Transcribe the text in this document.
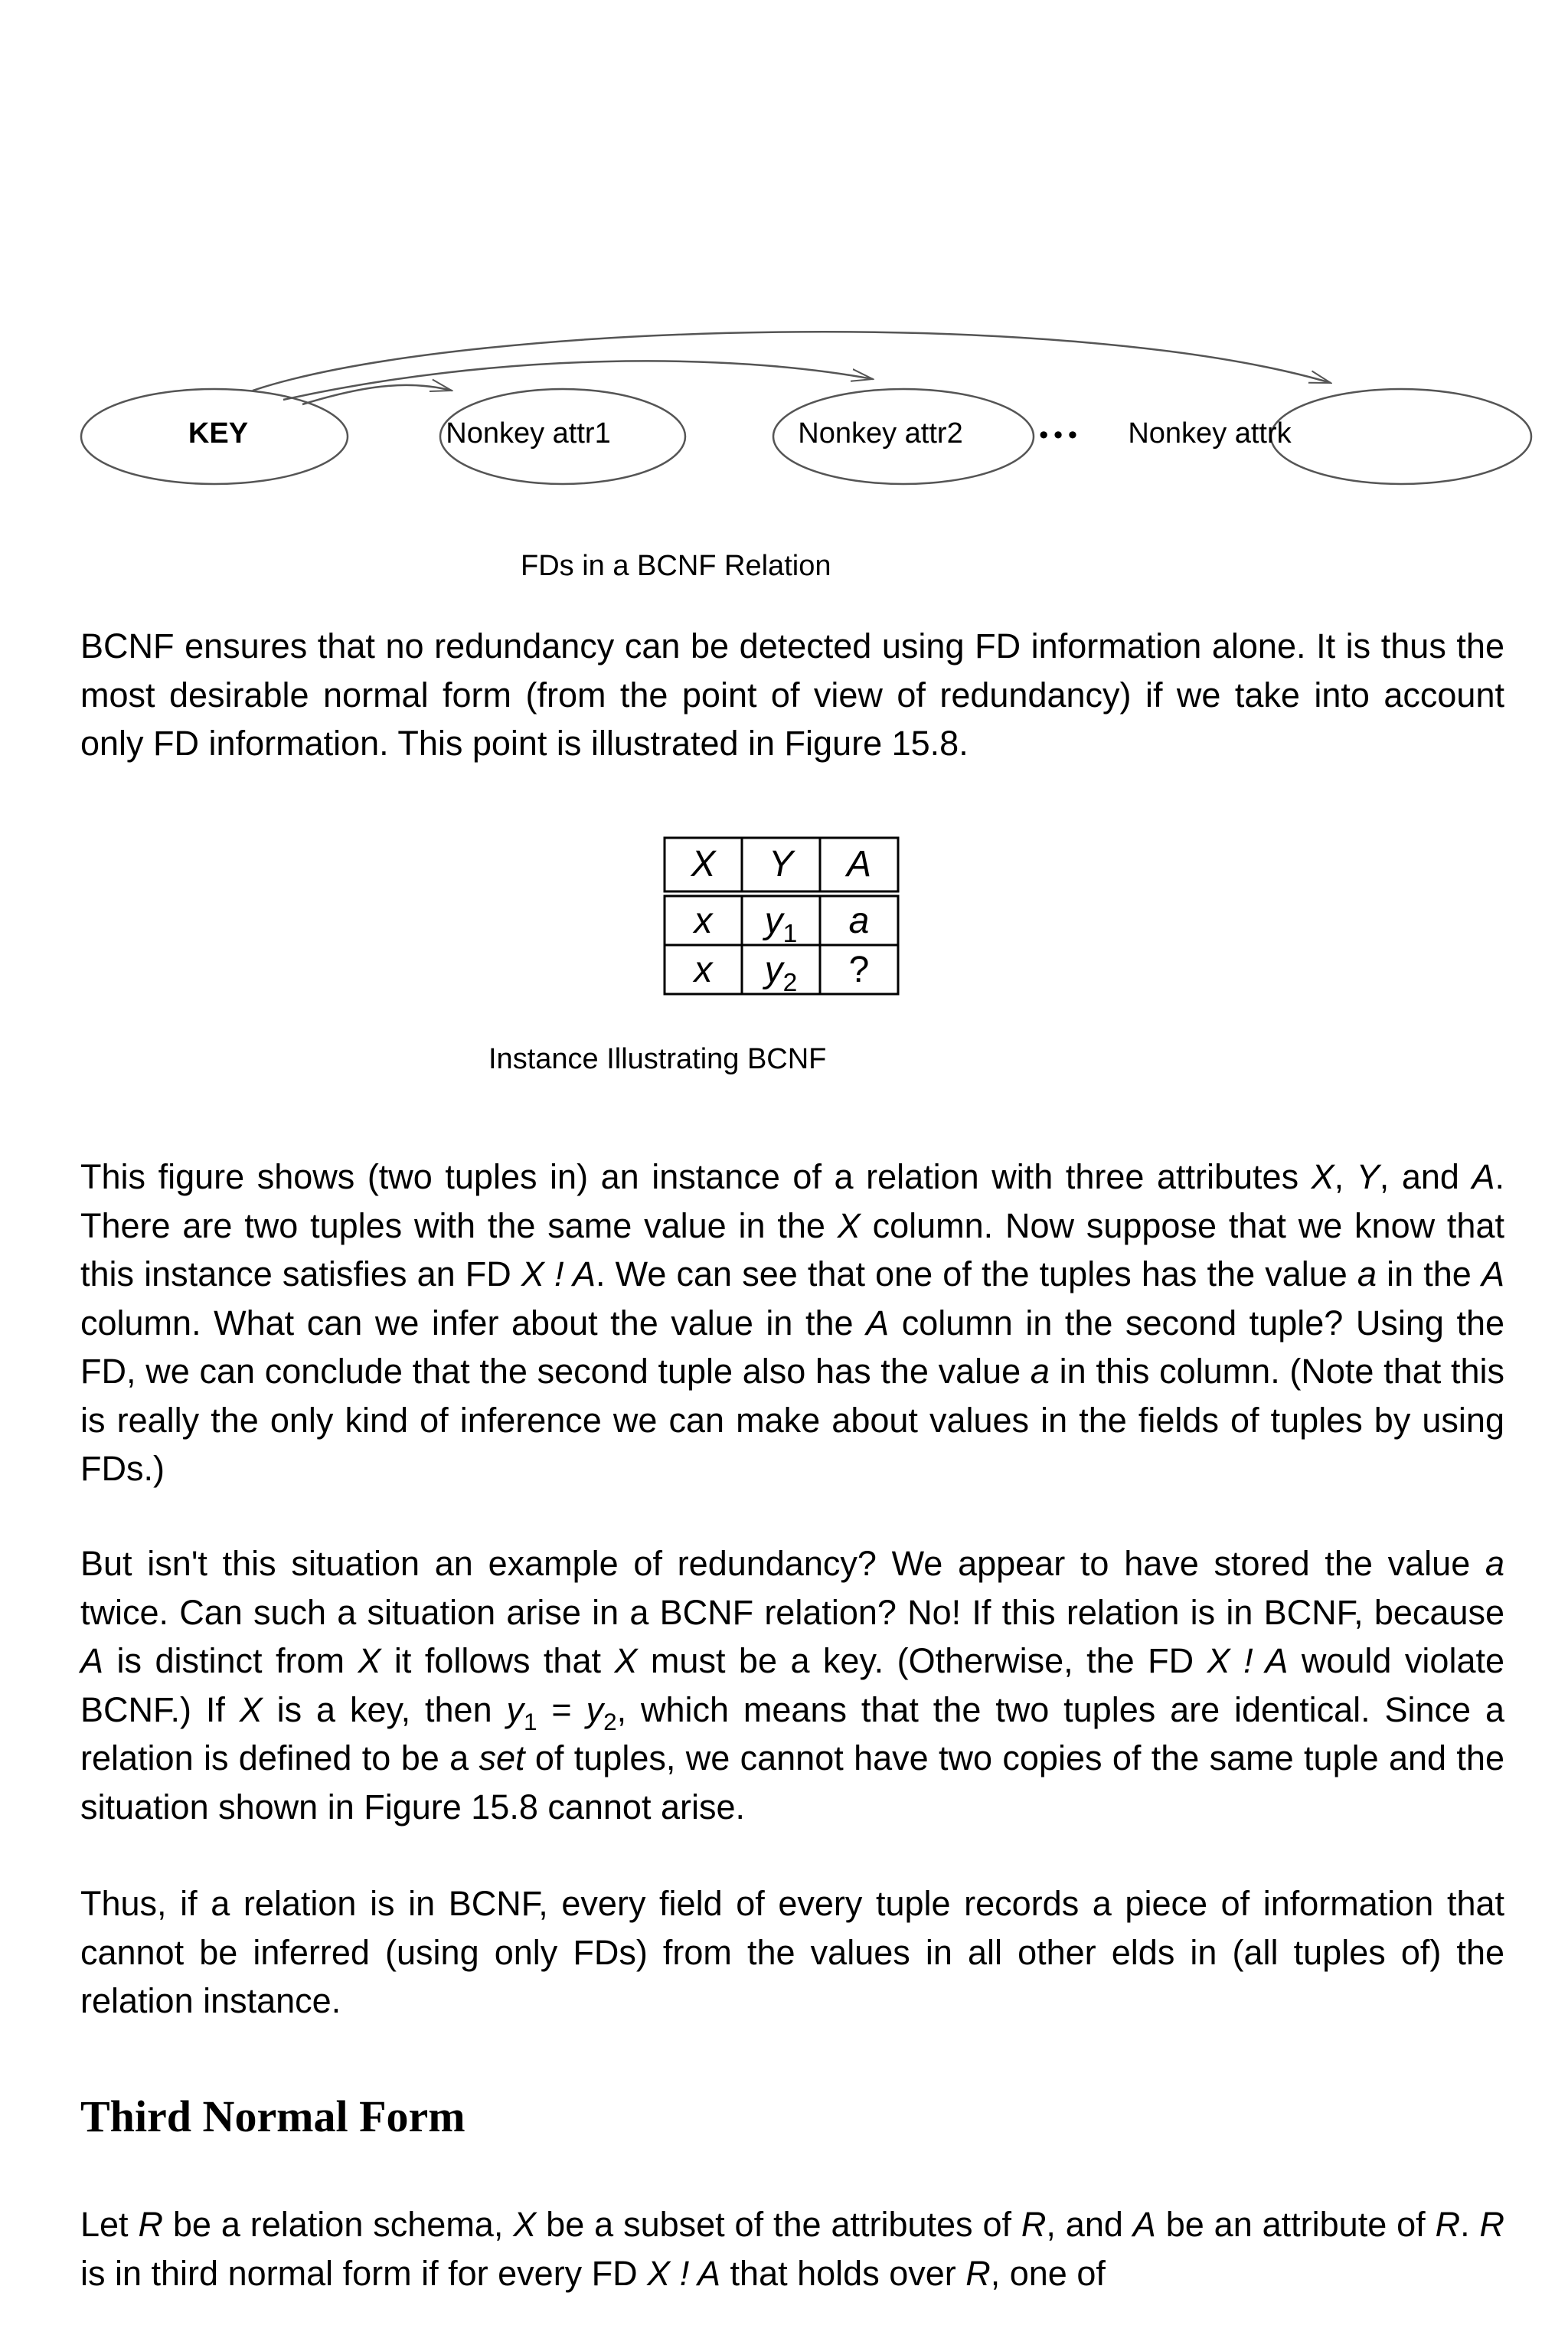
KEY	Nonkey attr1	Nonkey attr2	••• Nonkey attrk
FDs in a BCNF Relation

BCNF ensures that no redundancy can be detected using FD information alone. It is thus the most desirable normal form (from the point of view of redundancy) if we take into account only FD information. This point is illustrated in Figure 15.8.

X	Y	A
x	$y_1$	a
x	$y_2$	?
Instance Illustrating BCNF

This figure shows (two tuples in) an instance of a relation with three attributes X, Y, and A. There are two tuples with the same value in the X column. Now suppose that we know that this instance satisfies an FD X ! A. We can see that one of the tuples has the value a in the A column. What can we infer about the value in the A column in the second tuple? Using the FD, we can conclude that the second tuple also has the value a in this column. (Note that this is really the only kind of inference we can make about values in the fields of tuples by using FDs.)

But isn't this situation an example of redundancy? We appear to have stored the value a twice. Can such a situation arise in a BCNF relation? No! If this relation is in BCNF, because A is distinct from X it follows that X must be a key. (Otherwise, the FD X ! A would violate BCNF.) If X is a key, then $y_1 = y_2$, which means that the two tuples are identical. Since a relation is defined to be a set of tuples, we cannot have two copies of the same tuple and the situation shown in Figure 15.8 cannot arise.

Thus, if a relation is in BCNF, every field of every tuple records a piece of information that cannot be inferred (using only FDs) from the values in all other elds in (all tuples of) the relation instance.

Third Normal Form

Let R be a relation schema, X be a subset of the attributes of R, and A be an attribute of R. R is in third normal form if for every FD X ! A that holds over R, one of
